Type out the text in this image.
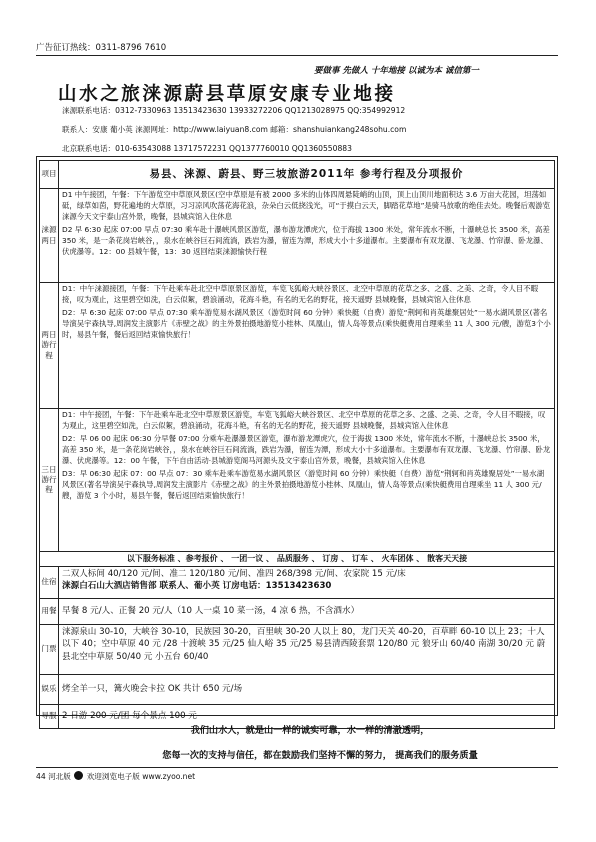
广告征订热线：0311-8796 7610
要做事 先做人 十年地接 以诚为本 诚信第一
山水之旅涞源蔚县草原安康专业地接
涞源联系电话：0312-7330963 13513423630 13933272206 QQ1213028975 QQ:354992912
联系人：安康 葡小英 涞源网址：http://www.laiyuan8.com 邮箱：shanshuiankang248sohu.com
北京联系电话：010-63543088 13717572231 QQ1377760010 QQ1360550883
项目	易县、涞源、蔚县、野三坡旅游2011年 参考行程及分项报价
涞源两日	D1 中午接团，午餐：下午游览空中草原风景区(空中草原是有被 2000 多米的山体四周悬陡峭的山顶，顶上山顶川地面积达 3.6 万亩大花园，坦荡如砥，绿草如茵，野花遍地的大草原，习习凉风吹荡花海花浪，杂朵白云低挠浅光，可“于摸白云天，脚踏花草地”是骑马放歌的绝佳去处。晚餐后观游览涞源今天文宇泰山宫外景，晚餐，县城宾馆入住休息

D2 早 6:30 起床 07:00 早点 07:30 乘车赴十瀑峡风景区游览，瀑布游龙潭虎穴，位于海拔 1300 米处，常年流水不断，十瀑峡总长 3500 米，高差 350 米，是一条花岗岩峡谷，，泉水在峡谷巨石间流淌，跌岩为瀑，留连为潭，形成大小十多道瀑布。主要瀑布有双龙瀑、飞龙瀑、竹帘瀑、卧龙瀑、伏虎瀑等。12：00 县城午餐，13：30 返回结束涞源愉快行程

两日游行程	D1：中午涞源接团，午餐：下午赴乘车赴北空中草原景区游览，车览飞狐峪大峡谷景区、北空中草原的花草之多、之盛、之美、之奇，令人目不暇接，叹为观止，这里碧空如洗，白云似絮，碧浪涌动，花海斗艳，有名的无名的野花，接天遥野 县城晚餐，县城宾馆入住休息

D2：早 6:30 起床 07:00 早点 07:30 乘车游览易水湖风景区（游览时间 60 分钟）乘快艇（自费）游览“荆轲和肖英雄聚居处”一易水湖风景区(著名导演吴宇森执导,周润发主演影片《赤壁之战》的主外景拍摄地游览小桂林、凤凰山，情人岛等景点(乘快艇费用自理乘坐 11 人 300 元/艘，游览3个小时，易县午餐，餐后返回结束愉快旅行！

三日游行程	D1：中午接团，午餐：下午赴乘车赴北空中草原景区游览，车览飞狐峪大峡谷景区、北空中草原的花草之多、之盛、之美、之奇，令人目不暇接，叹为观止，这里碧空如洗，白云似絮，碧浪涌动，花海斗艳，有名的无名的野花，接天遥野 县城晚餐，县城宾馆入住休息

D2：早 06 00 起床 06:30 分早餐 07:00 分乘车赴瀑瀑景区游览，瀑布游龙潭虎穴，位于海拔 1300 米处，常年流水不断，十瀑峡总长 3500 米，高差 350 米，是一条花岗岩峡谷，，泉水在峡谷巨石间流淌，跌岩为瀑，留连为潭，形成大小十多道瀑布。主要瀑布有双龙瀑、飞龙瀑、竹帘瀑、卧龙瀑、伏虎瀑等。12：00 午餐，下午自由活动·县城游览阁马河源头及文宇泰山宫外景，晚餐，县城宾馆入住休息

D3：早 06:30 起床 07：00 早点 07：30 乘车赴乘车游览易水湖风景区（游览时间 60 分钟）乘快艇（自费）游览“荆轲和肖英雄聚居处”一易水湖风景区(著名导演吴宇森执导,周润发主演影片《赤壁之战》的主外景拍摄地游览小桂林、凤凰山，情人岛等景点(乘快艇费用自理乘坐 11 人 300 元/艘，游览 3 个小时，易县午餐，餐后返回结束愉快旅行！

以下服务标准 、参考报价 、 一团一议 、 品质服务 、 订房 、 订车 、 火车团体 、 散客天天接	
住宿	二双人标间 40/120 元/间、准二 120/180 元/间、准四 268/398 元/间、农家院 15 元/床
涞源白石山大酒店销售部 联系人、葡小英 订房电话：13513423630

用餐	早餐 8 元/人、正餐 20 元/人（10 人一桌 10 菜一汤，4 凉 6 热，不含酒水）

门票	涞源泉山 30-10，大峡谷 30-10，民族园 30-20，百里峡 30-20 人以上 80，龙门天关 40-20，百草畔 60-10 以上 23；十人以下 40；空中草原 40 元 /28 十渡峡 35 元/25 仙人峪 35 元/25 易县清西陵套票 120/80 元 狼牙山 60/40 南湖 30/20 元 蔚县北空中草原 50/40 元 小五台 60/40

娱乐	烤全羊一只，篝火晚会卡拉 OK 共计 650 元/场

导服	2 日游 200 元/团 每个景点 100 元
我们山水人，就是山一样的诚实可靠，水一样的清澈透明，
您每一次的支持与信任，都在鼓励我们坚持不懈的努力， 提高我们的服务质量
44 河北版 欢迎浏览电子版 www.zyoo.net
